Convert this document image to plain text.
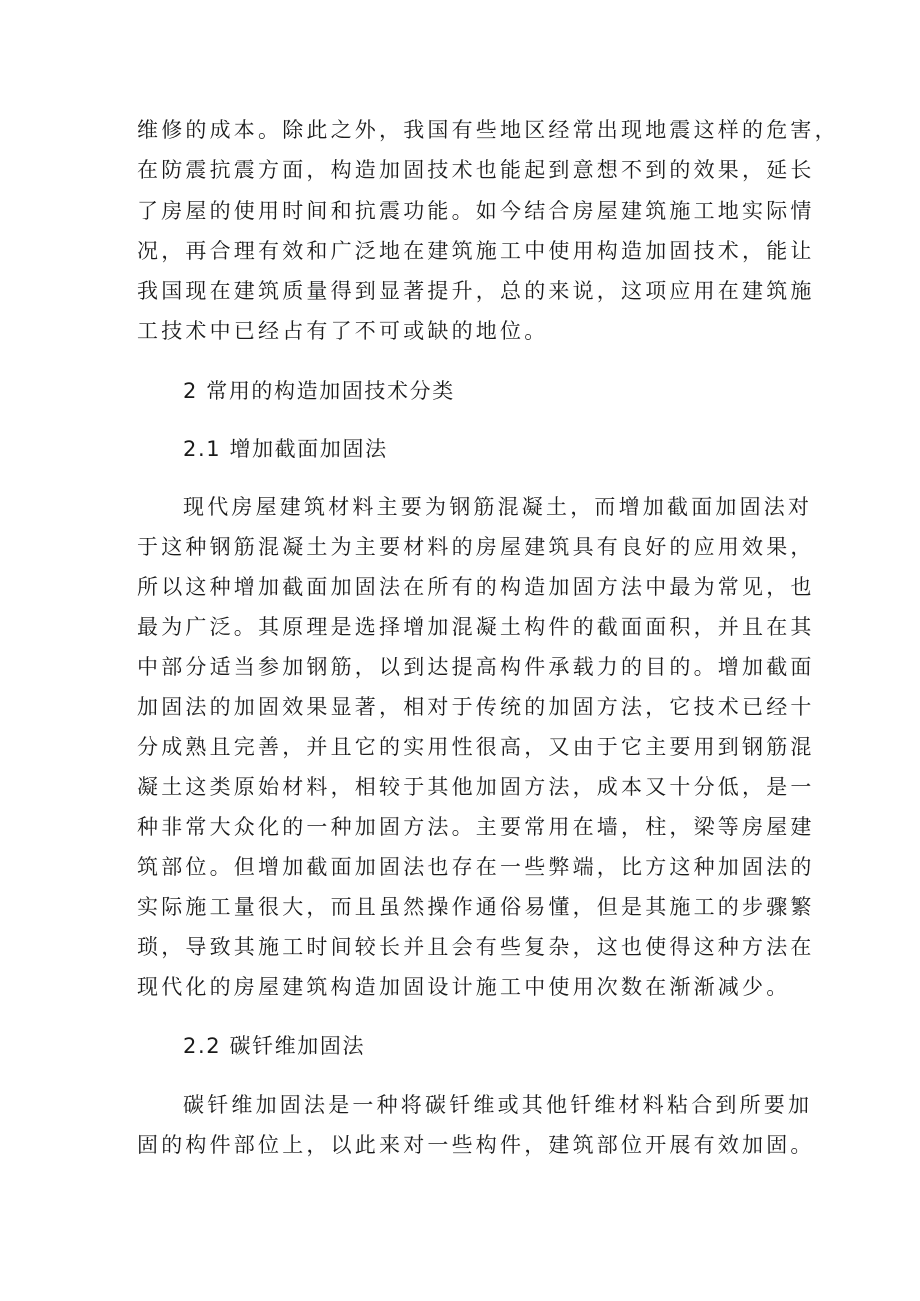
维修的成本。除此之外，我国有些地区经常出现地震这样的危害，
在防震抗震方面，构造加固技术也能起到意想不到的效果，延长
了房屋的使用时间和抗震功能。如今结合房屋建筑施工地实际情
况，再合理有效和广泛地在建筑施工中使用构造加固技术，能让
我国现在建筑质量得到显著提升，总的来说，这项应用在建筑施
工技术中已经占有了不可或缺的地位。
2 常用的构造加固技术分类
2.1 增加截面加固法
现代房屋建筑材料主要为钢筋混凝土，而增加截面加固法对
于这种钢筋混凝土为主要材料的房屋建筑具有良好的应用效果，
所以这种增加截面加固法在所有的构造加固方法中最为常见，也
最为广泛。其原理是选择增加混凝土构件的截面面积，并且在其
中部分适当参加钢筋，以到达提高构件承载力的目的。增加截面
加固法的加固效果显著，相对于传统的加固方法，它技术已经十
分成熟且完善，并且它的实用性很高，又由于它主要用到钢筋混
凝土这类原始材料，相较于其他加固方法，成本又十分低，是一
种非常大众化的一种加固方法。主要常用在墙，柱，梁等房屋建
筑部位。但增加截面加固法也存在一些弊端，比方这种加固法的
实际施工量很大，而且虽然操作通俗易懂，但是其施工的步骤繁
琐，导致其施工时间较长并且会有些复杂，这也使得这种方法在
现代化的房屋建筑构造加固设计施工中使用次数在渐渐减少。
2.2 碳钎维加固法
碳钎维加固法是一种将碳钎维或其他钎维材料粘合到所要加
固的构件部位上，以此来对一些构件，建筑部位开展有效加固。
